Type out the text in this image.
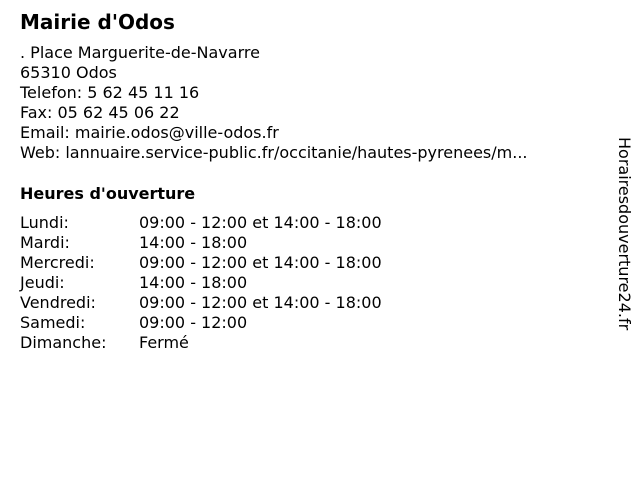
Mairie d'Odos
. Place Marguerite-de-Navarre
65310 Odos
Telefon: 5 62 45 11 16
Fax: 05 62 45 06 22
Email: mairie.odos@ville-odos.fr
Web: lannuaire.service-public.fr/occitanie/hautes-pyrenees/m...
Heures d'ouverture
Lundi:	09:00 - 12:00 et 14:00 - 18:00
Mardi:	14:00 - 18:00
Mercredi:	09:00 - 12:00 et 14:00 - 18:00
Jeudi:	14:00 - 18:00
Vendredi:	09:00 - 12:00 et 14:00 - 18:00
Samedi:	09:00 - 12:00
Dimanche:	Fermé
Horairesdouverture24.fr
